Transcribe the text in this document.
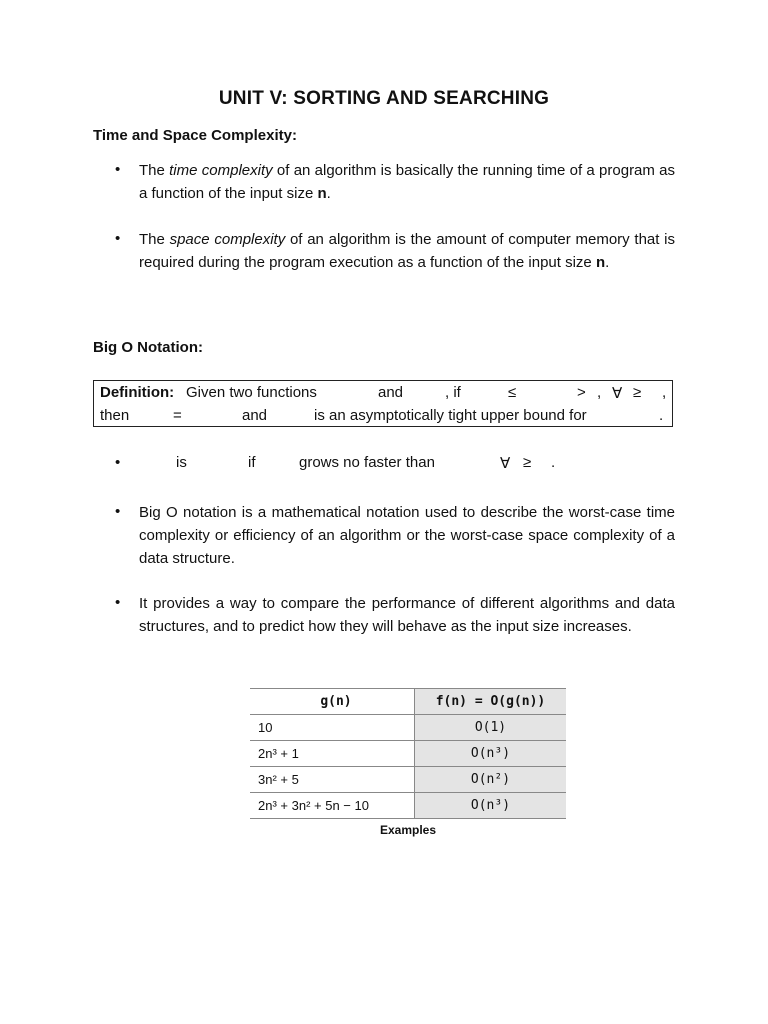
UNIT V: SORTING AND SEARCHING
Time and Space Complexity:
• The time complexity of an algorithm is basically the running time of a program as a function of the input size n.
• The space complexity of an algorithm is the amount of computer memory that is required during the program execution as a function of the input size n.
Big O Notation:
Definition: Given two functions	and	, if	≤	> , ∀ ≥ ,
then	=	and	is an asymptotically tight upper bound for	.
•	is	if	grows no faster than	∀ ≥ .
• Big O notation is a mathematical notation used to describe the worst-case time complexity or efficiency of an algorithm or the worst-case space complexity of a data structure.
• It provides a way to compare the performance of different algorithms and data structures, and to predict how they will behave as the input size increases.
g(n)	f(n) = O(g(n))
10	O(1)
2n³ + 1	O(n³)
3n² + 5	O(n²)
2n³ + 3n² + 5n − 10	O(n³)
Examples
